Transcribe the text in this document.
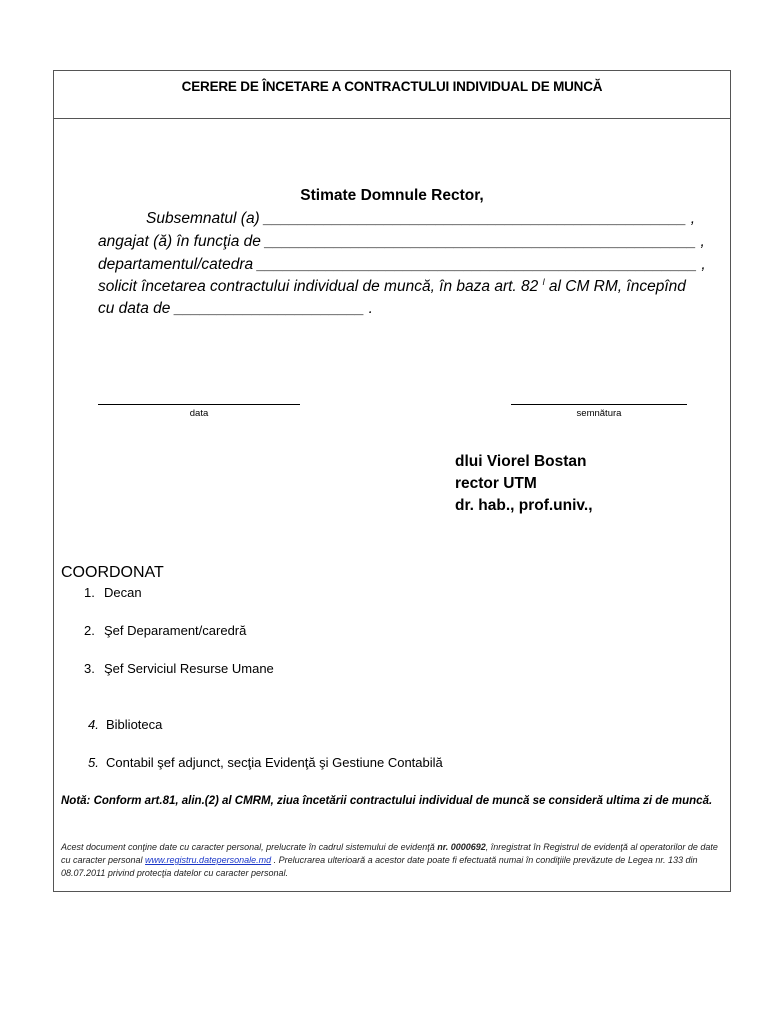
CERERE DE ÎNCETARE A CONTRACTULUI INDIVIDUAL DE MUNCĂ
Stimate Domnule Rector,
Subsemnatul (a) _________________________________________________ ,
angajat (ă) în funcţia de __________________________________________________ ,
departamentul/catedra ___________________________________________________ ,
solicit încetarea contractului individual de muncă, în baza art. 82 $^l$ al CM RM, începînd
cu data de ______________________ .
data	semnătura
dlui Viorel Bostan
rector UTM
dr. hab., prof.univ.,
COORDONAT
1. Decan
2. Şef Deparament/caredră
3. Şef Serviciul Resurse Umane
4. Biblioteca
5. Contabil şef adjunct, secţia Evidenţă şi Gestiune Contabilă
Notă: Conform art.81, alin.(2) al CMRM, ziua încetării contractului individual de muncă se consideră ultima zi de muncă.
Acest document conţine date cu caracter personal, prelucrate în cadrul sistemului de evidenţă nr. 0000692, înregistrat în Registrul de evidenţă al operatorilor de date cu caracter personal www.registru.datepersonale.md . Prelucrarea ulterioară a acestor date poate fi efectuată numai în condiţiile prevăzute de Legea nr. 133 din 08.07.2011 privind protecţia datelor cu caracter personal.
